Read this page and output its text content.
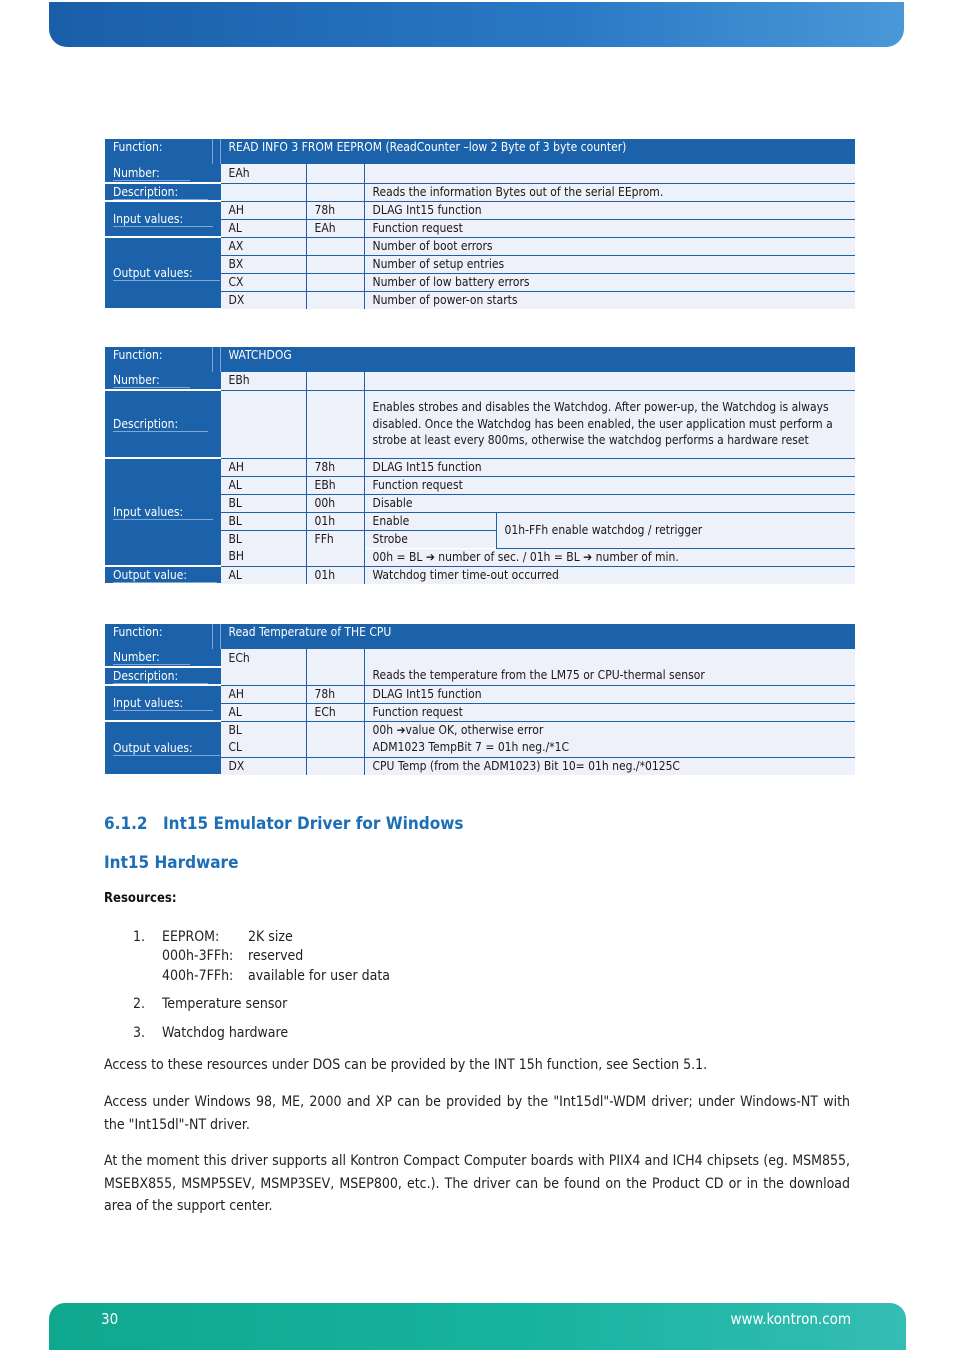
Function:		READ INFO 3 FROM EEPROM (ReadCounter –low 2 Byte of 3 byte counter)		
Number:		EAh		
Description:				Reads the information Bytes out of the serial EEprom.
Input values:		AH	78h	DLAG Int15 function
		AL	EAh	Function request
Output values:		AX		Number of boot errors
		BX		Number of setup entries
		CX		Number of low battery errors
		DX		Number of power-on starts
Function:		WATCHDOG			
Number:		EBh			
Description:				Enables strobes and disables the Watchdog. After power-up, the Watchdog is always disabled. Once the Watchdog has been enabled, the user application must perform a strobe at least every 800ms, otherwise the watchdog performs a hardware reset	
Input values:		AH	78h	DLAG Int15 function	
		AL	EBh	Function request	
		BL	00h	Disable	
		BL	01h	Enable	01h-FFh enable watchdog / retrigger
		BL	FFh	Strobe	
		BH		00h = BL ➔ number of sec. / 01h = BL ➔ number of min.	
Output value:		AL	01h	Watchdog timer time-out occurred	
Function:		Read Temperature of THE CPU		
Number:		ECh		
Description:				Reads the temperature from the LM75 or CPU-thermal sensor
Input values:		AH	78h	DLAG Int15 function
		AL	ECh	Function request
Output values:		BL		00h ➔value OK, otherwise error
		CL		ADM1023 TempBit 7 = 01h neg./*1C
		DX		CPU Temp (from the ADM1023) Bit 10= 01h neg./*0125C
6.1.2 Int15 Emulator Driver for Windows
Int15 Hardware
Resources:
1. EEPROM: 2K size
000h-3FFh: reserved
400h-7FFh: available for user data
2. Temperature sensor
3. Watchdog hardware
Access to these resources under DOS can be provided by the INT 15h function, see Section 5.1.
Access under Windows 98, ME, 2000 and XP can be provided by the "Int15dl"-WDM driver; under Windows-NT with the "Int15dl"-NT driver.
At the moment this driver supports all Kontron Compact Computer boards with PIIX4 and ICH4 chipsets (eg. MSM855, MSEBX855, MSMP5SEV, MSMP3SEV, MSEP800, etc.). The driver can be found on the Product CD or in the download area of the support center.
30	www.kontron.com
